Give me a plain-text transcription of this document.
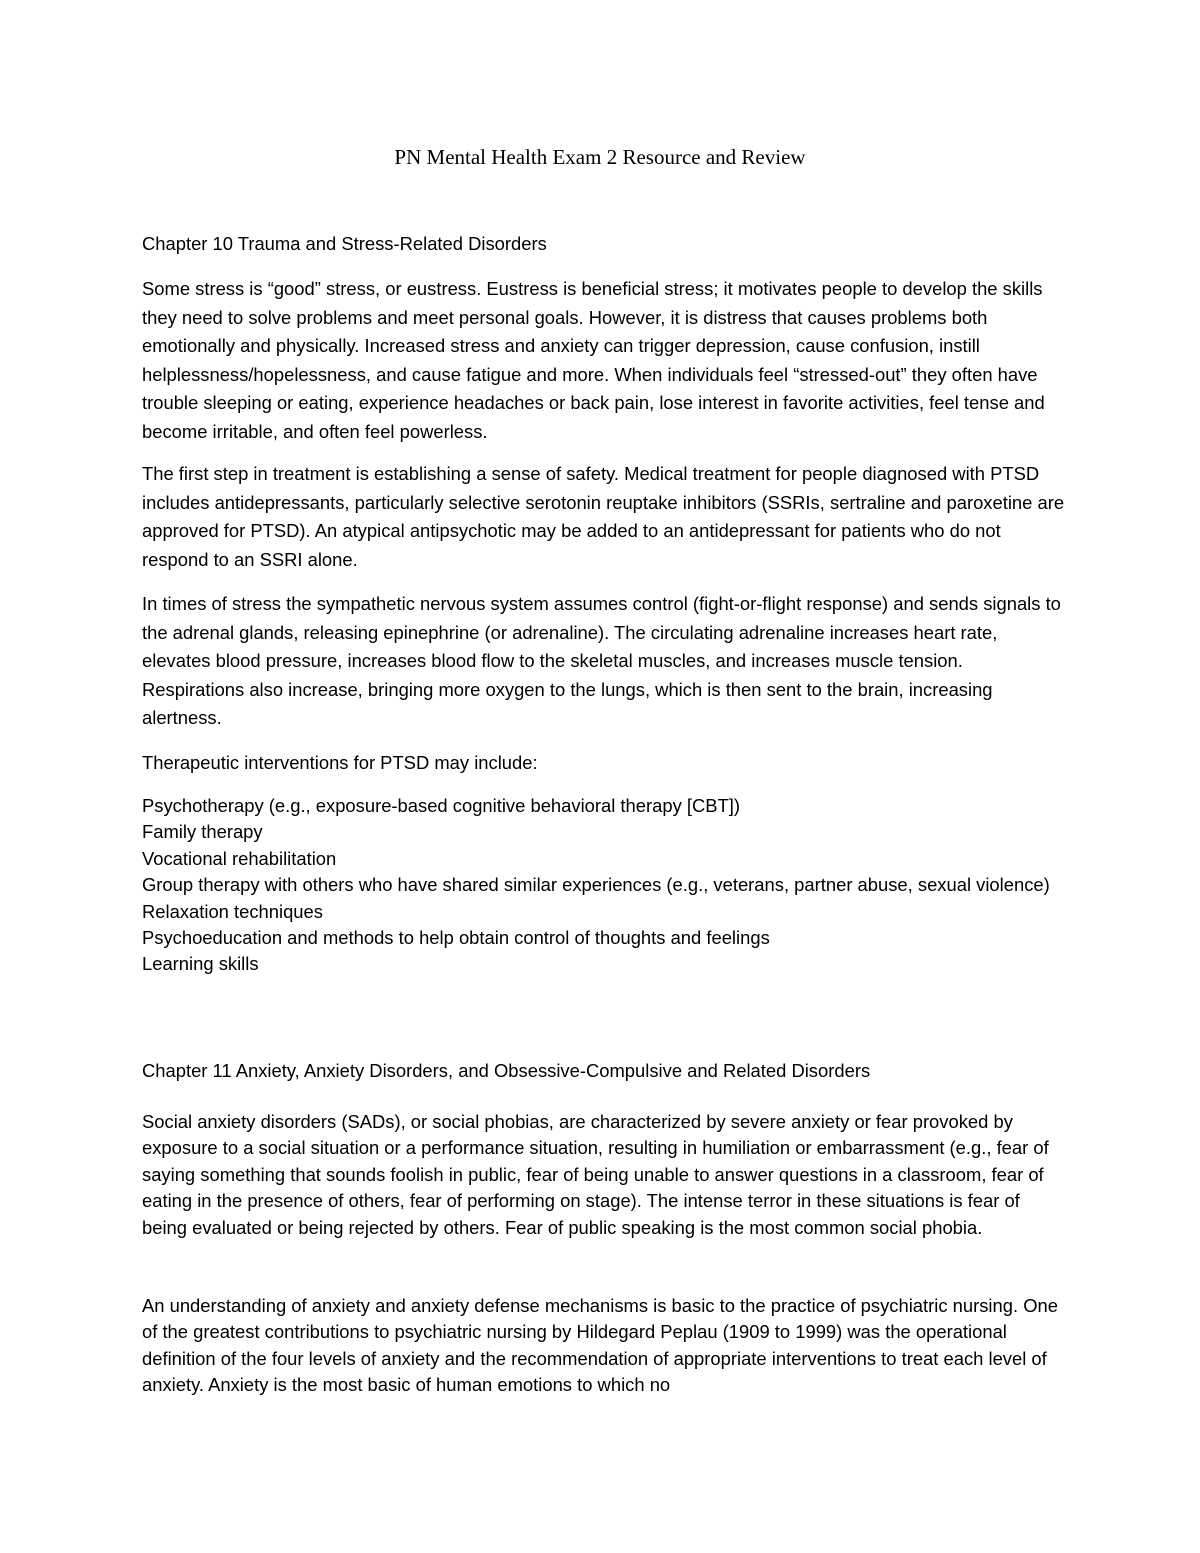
PN Mental Health Exam 2 Resource and Review
Chapter 10 Trauma and Stress-Related Disorders

Some stress is “good” stress, or eustress. Eustress is beneficial stress; it motivates people to develop the skills they need to solve problems and meet personal goals. However, it is distress that causes problems both emotionally and physically. Increased stress and anxiety can trigger depression, cause confusion, instill helplessness/hopelessness, and cause fatigue and more. When individuals feel “stressed-out” they often have trouble sleeping or eating, experience headaches or back pain, lose interest in favorite activities, feel tense and become irritable, and often feel powerless.

The first step in treatment is establishing a sense of safety. Medical treatment for people diagnosed with PTSD includes antidepressants, particularly selective serotonin reuptake inhibitors (SSRIs, sertraline and paroxetine are approved for PTSD). An atypical antipsychotic may be added to an antidepressant for patients who do not respond to an SSRI alone.

In times of stress the sympathetic nervous system assumes control (fight-or-flight response) and sends signals to the adrenal glands, releasing epinephrine (or adrenaline). The circulating adrenaline increases heart rate, elevates blood pressure, increases blood flow to the skeletal muscles, and increases muscle tension. Respirations also increase, bringing more oxygen to the lungs, which is then sent to the brain, increasing alertness.

Therapeutic interventions for PTSD may include:

Psychotherapy (e.g., exposure-based cognitive behavioral therapy [CBT])
Family therapy
Vocational rehabilitation
Group therapy with others who have shared similar experiences (e.g., veterans, partner abuse, sexual violence)
Relaxation techniques
Psychoeducation and methods to help obtain control of thoughts and feelings
Learning skills
Chapter 11 Anxiety, Anxiety Disorders, and Obsessive-Compulsive and Related Disorders

Social anxiety disorders (SADs), or social phobias, are characterized by severe anxiety or fear provoked by exposure to a social situation or a performance situation, resulting in humiliation or embarrassment (e.g., fear of saying something that sounds foolish in public, fear of being unable to answer questions in a classroom, fear of eating in the presence of others, fear of performing on stage). The intense terror in these situations is fear of being evaluated or being rejected by others. Fear of public speaking is the most common social phobia.

An understanding of anxiety and anxiety defense mechanisms is basic to the practice of psychiatric nursing. One of the greatest contributions to psychiatric nursing by Hildegard Peplau (1909 to 1999) was the operational definition of the four levels of anxiety and the recommendation of appropriate interventions to treat each level of anxiety. Anxiety is the most basic of human emotions to which no
